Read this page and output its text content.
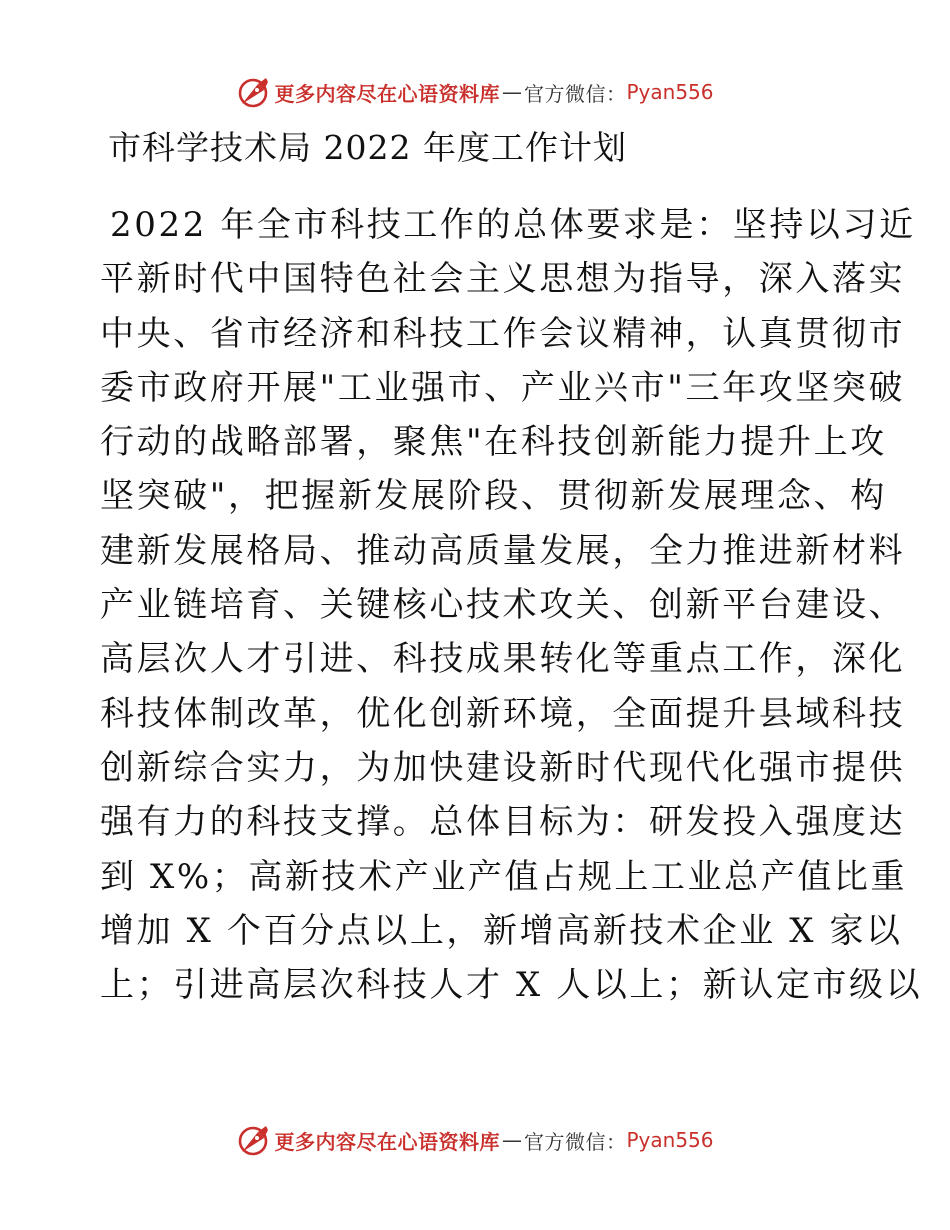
更多内容尽在心语资料库 — 官方微信： Pyan556
市科学技术局 2022 年度工作计划
2022 年全市科技工作的总体要求是：坚持以习近
平新时代中国特色社会主义思想为指导，深入落实
中央、省市经济和科技工作会议精神，认真贯彻市
委市政府开展"工业强市、产业兴市"三年攻坚突破
行动的战略部署，聚焦"在科技创新能力提升上攻
坚突破"，把握新发展阶段、贯彻新发展理念、构
建新发展格局、推动高质量发展，全力推进新材料
产业链培育、关键核心技术攻关、创新平台建设、
高层次人才引进、科技成果转化等重点工作，深化
科技体制改革，优化创新环境，全面提升县域科技
创新综合实力，为加快建设新时代现代化强市提供
强有力的科技支撑。总体目标为：研发投入强度达
到 X%；高新技术产业产值占规上工业总产值比重
增加 X 个百分点以上，新增高新技术企业 X 家以
上；引进高层次科技人才 X 人以上；新认定市级以
更多内容尽在心语资料库 — 官方微信： Pyan556
